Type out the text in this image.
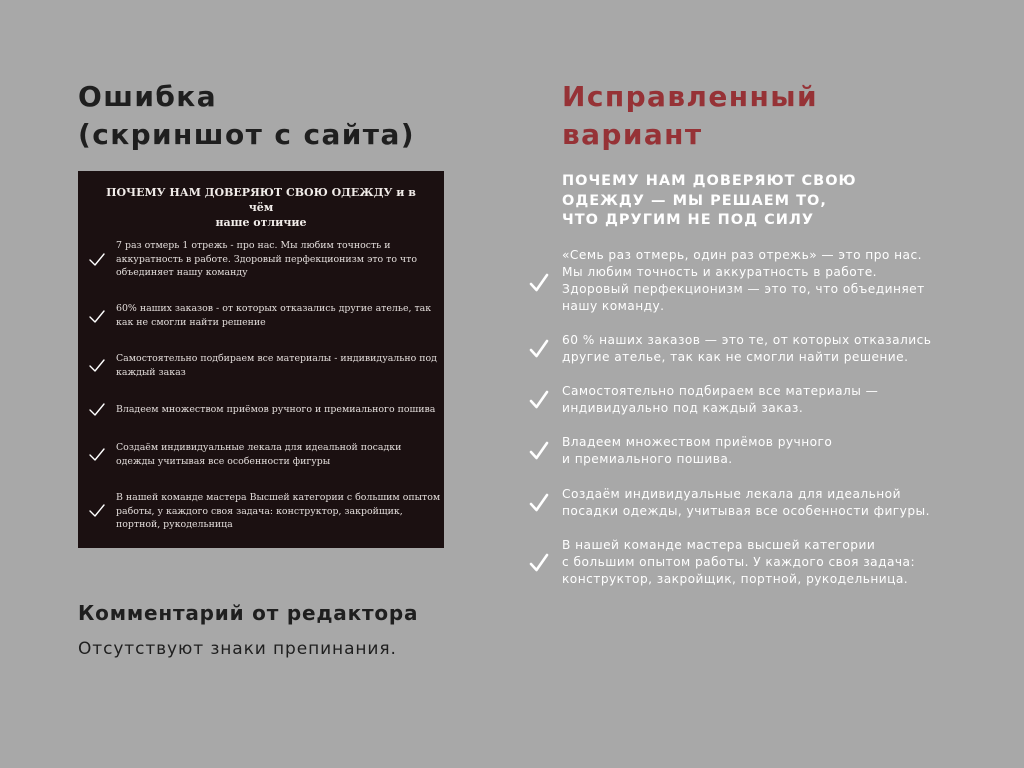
Ошибка
(скриншот с сайта)
Исправленный
вариант
ПОЧЕМУ НАМ ДОВЕРЯЮТ СВОЮ ОДЕЖДУ и в чём
наше отличие
7 раз отмерь 1 отрежь - про нас. Мы любим точность и
аккуратность в работе. Здоровый перфекционизм это то что
объединяет нашу команду
60% наших заказов - от которых отказались другие ателье, так
как не смогли найти решение
Самостоятельно подбираем все материалы - индивидуально под
каждый заказ
Владеем множеством приёмов ручного и премиального пошива
Создаём индивидуальные лекала для идеальной посадки
одежды учитывая все особенности фигуры
В нашей команде мастера Высшей категории с большим опытом
работы, у каждого своя задача: конструктор, закройщик,
портной, рукодельница
ПОЧЕМУ НАМ ДОВЕРЯЮТ СВОЮ
ОДЕЖДУ — МЫ РЕШАЕМ ТО,
ЧТО ДРУГИМ НЕ ПОД СИЛУ
«Семь раз отмерь, один раз отрежь» — это про нас.
Мы любим точность и аккуратность в работе.
Здоровый перфекционизм — это то, что объединяет
нашу команду.
60 % наших заказов — это те, от которых отказались
другие ателье, так как не смогли найти решение.
Самостоятельно подбираем все материалы —
индивидуально под каждый заказ.
Владеем множеством приёмов ручного
и премиального пошива.
Создаём индивидуальные лекала для идеальной
посадки одежды, учитывая все особенности фигуры.
В нашей команде мастера высшей категории
с большим опытом работы. У каждого своя задача:
конструктор, закройщик, портной, рукодельница.
Комментарий от редактора
Отсутствуют знаки препинания.
